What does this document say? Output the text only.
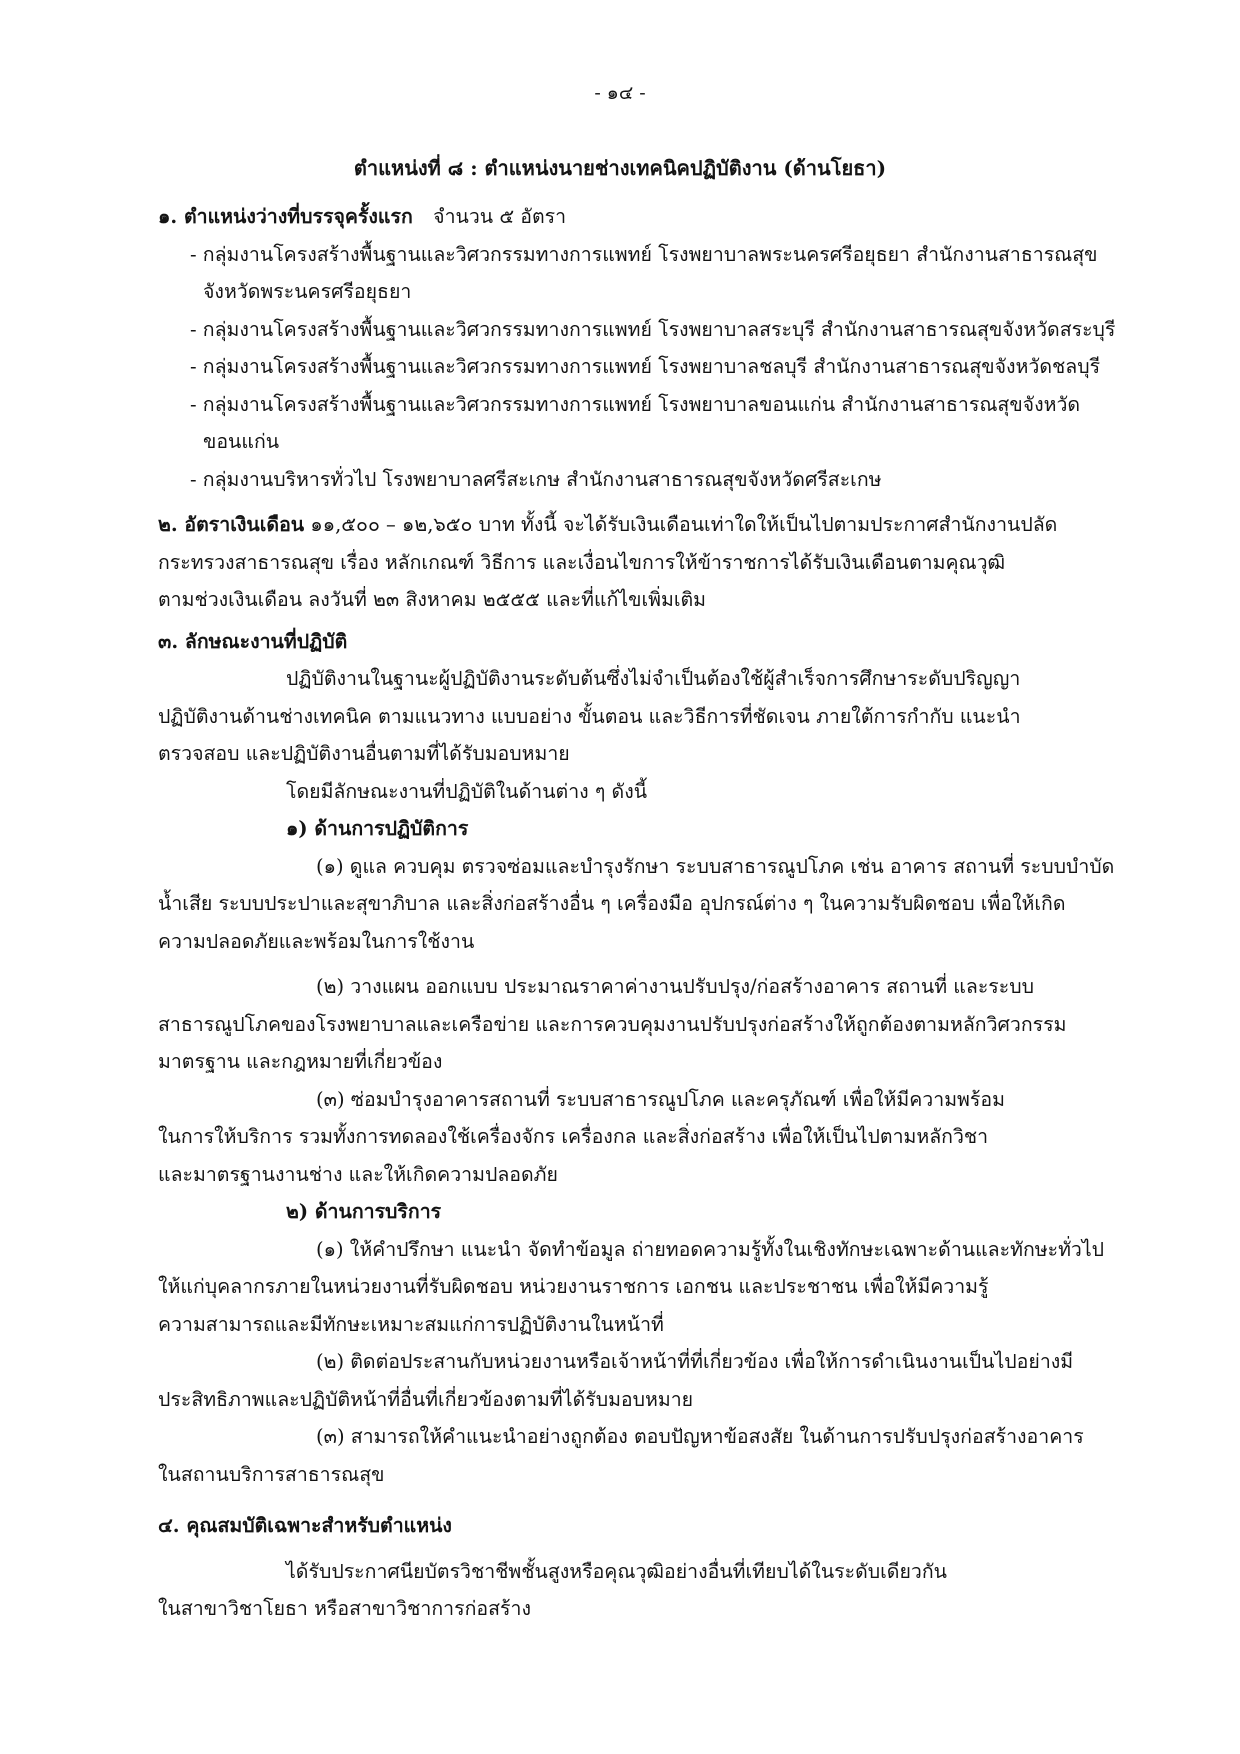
- ๑๔ -
ตำแหน่งที่ ๘ : ตำแหน่งนายช่างเทคนิคปฏิบัติงาน (ด้านโยธา)

๑. ตำแหน่งว่างที่บรรจุครั้งแรก จำนวน ๕ อัตรา

- กลุ่มงานโครงสร้างพื้นฐานและวิศวกรรมทางการแพทย์ โรงพยาบาลพระนครศรีอยุธยา สำนักงานสาธารณสุข

จังหวัดพระนครศรีอยุธยา

- กลุ่มงานโครงสร้างพื้นฐานและวิศวกรรมทางการแพทย์ โรงพยาบาลสระบุรี สำนักงานสาธารณสุขจังหวัดสระบุรี

- กลุ่มงานโครงสร้างพื้นฐานและวิศวกรรมทางการแพทย์ โรงพยาบาลชลบุรี สำนักงานสาธารณสุขจังหวัดชลบุรี

- กลุ่มงานโครงสร้างพื้นฐานและวิศวกรรมทางการแพทย์ โรงพยาบาลขอนแก่น สำนักงานสาธารณสุขจังหวัดขอนแก่น

- กลุ่มงานบริหารทั่วไป โรงพยาบาลศรีสะเกษ สำนักงานสาธารณสุขจังหวัดศรีสะเกษ

๒. อัตราเงินเดือน ๑๑,๕๐๐ – ๑๒,๖๕๐ บาท ทั้งนี้ จะได้รับเงินเดือนเท่าใดให้เป็นไปตามประกาศสำนักงานปลัด

กระทรวงสาธารณสุข เรื่อง หลักเกณฑ์ วิธีการ และเงื่อนไขการให้ข้าราชการได้รับเงินเดือนตามคุณวุฒิ

ตามช่วงเงินเดือน ลงวันที่ ๒๓ สิงหาคม ๒๕๕๕ และที่แก้ไขเพิ่มเติม

๓. ลักษณะงานที่ปฏิบัติ

ปฏิบัติงานในฐานะผู้ปฏิบัติงานระดับต้นซึ่งไม่จำเป็นต้องใช้ผู้สำเร็จการศึกษาระดับปริญญา

ปฏิบัติงานด้านช่างเทคนิค ตามแนวทาง แบบอย่าง ขั้นตอน และวิธีการที่ชัดเจน ภายใต้การกำกับ แนะนำ

ตรวจสอบ และปฏิบัติงานอื่นตามที่ได้รับมอบหมาย

โดยมีลักษณะงานที่ปฏิบัติในด้านต่าง ๆ ดังนี้

๑) ด้านการปฏิบัติการ

(๑) ดูแล ควบคุม ตรวจซ่อมและบำรุงรักษา ระบบสาธารณูปโภค เช่น อาคาร สถานที่ ระบบบำบัด

น้ำเสีย ระบบประปาและสุขาภิบาล และสิ่งก่อสร้างอื่น ๆ เครื่องมือ อุปกรณ์ต่าง ๆ ในความรับผิดชอบ เพื่อให้เกิด

ความปลอดภัยและพร้อมในการใช้งาน

(๒) วางแผน ออกแบบ ประมาณราคาค่างานปรับปรุง/ก่อสร้างอาคาร สถานที่ และระบบ

สาธารณูปโภคของโรงพยาบาลและเครือข่าย และการควบคุมงานปรับปรุงก่อสร้างให้ถูกต้องตามหลักวิศวกรรม

มาตรฐาน และกฎหมายที่เกี่ยวข้อง

(๓) ซ่อมบำรุงอาคารสถานที่ ระบบสาธารณูปโภค และครุภัณฑ์ เพื่อให้มีความพร้อม

ในการให้บริการ รวมทั้งการทดลองใช้เครื่องจักร เครื่องกล และสิ่งก่อสร้าง เพื่อให้เป็นไปตามหลักวิชา

และมาตรฐานงานช่าง และให้เกิดความปลอดภัย

๒) ด้านการบริการ

(๑) ให้คำปรึกษา แนะนำ จัดทำข้อมูล ถ่ายทอดความรู้ทั้งในเชิงทักษะเฉพาะด้านและทักษะทั่วไป

ให้แก่บุคลากรภายในหน่วยงานที่รับผิดชอบ หน่วยงานราชการ เอกชน และประชาชน เพื่อให้มีความรู้

ความสามารถและมีทักษะเหมาะสมแก่การปฏิบัติงานในหน้าที่

(๒) ติดต่อประสานกับหน่วยงานหรือเจ้าหน้าที่ที่เกี่ยวข้อง เพื่อให้การดำเนินงานเป็นไปอย่างมี

ประสิทธิภาพและปฏิบัติหน้าที่อื่นที่เกี่ยวข้องตามที่ได้รับมอบหมาย

(๓) สามารถให้คำแนะนำอย่างถูกต้อง ตอบปัญหาข้อสงสัย ในด้านการปรับปรุงก่อสร้างอาคาร

ในสถานบริการสาธารณสุข

๔. คุณสมบัติเฉพาะสำหรับตำแหน่ง

ได้รับประกาศนียบัตรวิชาชีพชั้นสูงหรือคุณวุฒิอย่างอื่นที่เทียบได้ในระดับเดียวกัน

ในสาขาวิชาโยธา หรือสาขาวิชาการก่อสร้าง
